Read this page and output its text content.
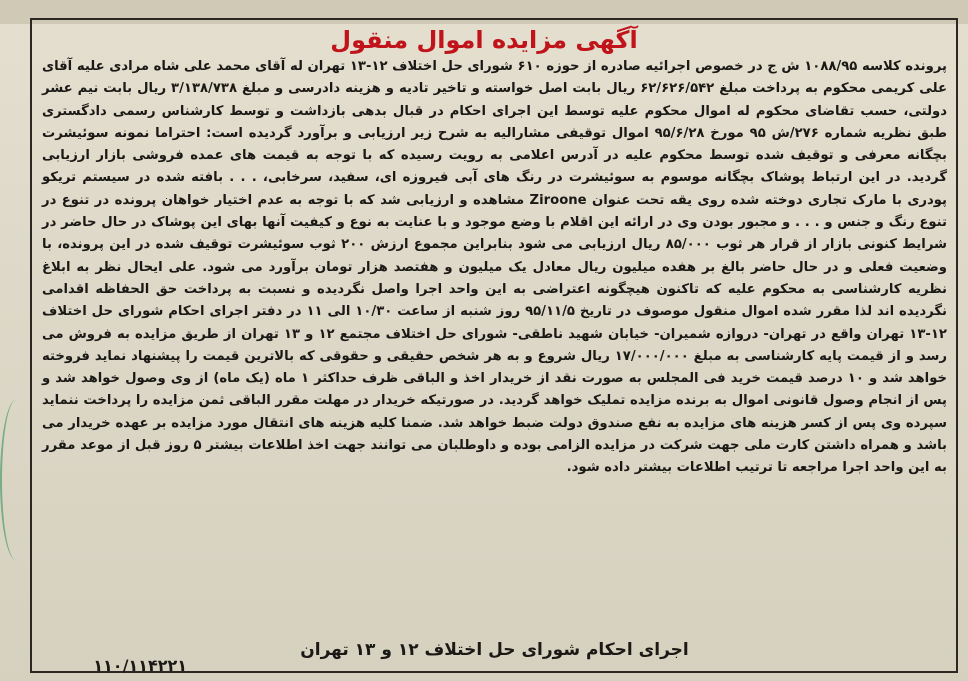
آگهی مزایده اموال منقول
پرونده کلاسه ۱۰۸۸/۹۵ ش ج در خصوص اجرائیه صادره از حوزه ۶۱۰ شورای حل اختلاف ۱۲-۱۳ تهران له آقای محمد علی شاه مرادی علیه آقای علی کریمی محکوم به پرداخت مبلغ ۶۲/۶۲۶/۵۴۲ ریال بابت اصل خواسته و تاخیر تادیه و هزینه دادرسی و مبلغ ۳/۱۳۸/۷۳۸ ریال بابت نیم عشر دولتی، حسب تقاضای محکوم له اموال محکوم علیه توسط این اجرای احکام در قبال بدهی بازداشت و توسط کارشناس رسمی دادگستری طبق نظریه شماره ۲۷۶/ش ۹۵ مورخ ۹۵/۶/۲۸ اموال توقیفی مشارالیه به شرح زیر ارزیابی و برآورد گردیده است: احتراما نمونه سوئیشرت بچگانه معرفی و توقیف شده توسط محکوم علیه در آدرس اعلامی به رویت رسیده که با توجه به قیمت های عمده فروشی بازار ارزیابی گردید. در این ارتباط پوشاک بچگانه موسوم به سوئیشرت در رنگ های آبی فیروزه ای، سفید، سرخابی، . . . بافته شده در سیستم تریکو پودری با مارک تجاری دوخته شده روی یقه تحت عنوان Ziroone مشاهده و ارزیابی شد که با توجه به عدم اختیار خواهان پرونده در تنوع در تنوع رنگ و جنس و . . . و مجبور بودن وی در ارائه این اقلام با وضع موجود و با عنایت به نوع و کیفیت آنها بهای این پوشاک در حال حاضر در شرایط کنونی بازار از قرار هر ثوب ۸۵/۰۰۰ ریال ارزیابی می شود بنابراین مجموع ارزش ۲۰۰ ثوب سوئیشرت توقیف شده در این پرونده، با وضعیت فعلی و در حال حاضر بالغ بر هفده میلیون ریال معادل یک میلیون و هفتصد هزار تومان برآورد می شود. علی ایحال نظر به ابلاغ نظریه کارشناسی به محکوم علیه که تاکنون هیچگونه اعتراضی به این واحد اجرا واصل نگردیده و نسبت به پرداخت حق الحفاظه اقدامی نگردیده اند لذا مقرر شده اموال منقول موصوف در تاریخ ۹۵/۱۱/۵ روز شنبه از ساعت ۱۰/۳۰ الی ۱۱ در دفتر اجرای احکام شورای حل اختلاف ۱۲-۱۳ تهران واقع در تهران- دروازه شمیران- خیابان شهید ناطقی- شورای حل اختلاف مجتمع ۱۲ و ۱۳ تهران از طریق مزایده به فروش می رسد و از قیمت پایه کارشناسی به مبلغ ۱۷/۰۰۰/۰۰۰ ریال شروع و به هر شخص حقیقی و حقوقی که بالاترین قیمت را پیشنهاد نماید فروخته خواهد شد و ۱۰ درصد قیمت خرید فی المجلس به صورت نقد از خریدار اخذ و الباقی ظرف حداکثر ۱ ماه (یک ماه) از وی وصول خواهد شد و پس از انجام وصول قانونی اموال به برنده مزایده تملیک خواهد گردید. در صورتیکه خریدار در مهلت مقرر الباقی ثمن مزایده را پرداخت ننماید سپرده وی پس از کسر هزینه های مزایده به نفع صندوق دولت ضبط خواهد شد. ضمنا کلیه هزینه های انتقال مورد مزایده بر عهده خریدار می باشد و همراه داشتن کارت ملی جهت شرکت در مزایده الزامی بوده و داوطلبان می توانند جهت اخذ اطلاعات بیشتر ۵ روز قبل از موعد مقرر به این واحد اجرا مراجعه تا ترتیب اطلاعات بیشتر داده شود.
اجرای احکام شورای حل اختلاف ۱۲ و ۱۳ تهران
۱۱۰/۱۱۴۲۲۱
